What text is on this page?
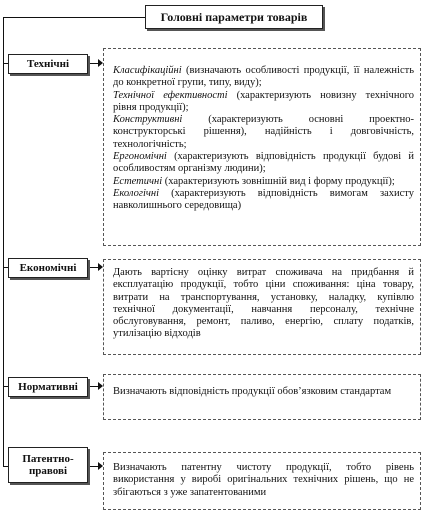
Головні параметри товарів
Технічні
Економічні
Нормативні
Патентно-правові

Класифікаційні (визначають особливості продукції, її належність до конкретної групи, типу, виду);

Технічної ефективності (характеризують новизну технічного рівня продукції);

Конструктивні (характеризують основні проектно-конструкторські рішення), надійність і довговічність, технологічність;

Ергономічні (характеризують відповідність продукції будові й особливостям організму людини);

Естетичні (характеризують зовнішній вид і форму продукції);

Екологічні (характеризують відповідність вимогам захисту навколишнього середовища)

Дають вартісну оцінку витрат споживача на придбання й експлуатацію продукції, тобто ціни споживання: ціна товару, витрати на транспортування, установку, наладку, купівлю технічної документації, навчання персоналу, технічне обслуговування, ремонт, паливо, енергію, сплату податків, утилізацію відходів

Визначають відповідність продукції обов’язковим стандартам

Визначають патентну чистоту продукції, тобто рівень використання у виробі оригінальних технічних рішень, що не збігаються з уже запатентованими
